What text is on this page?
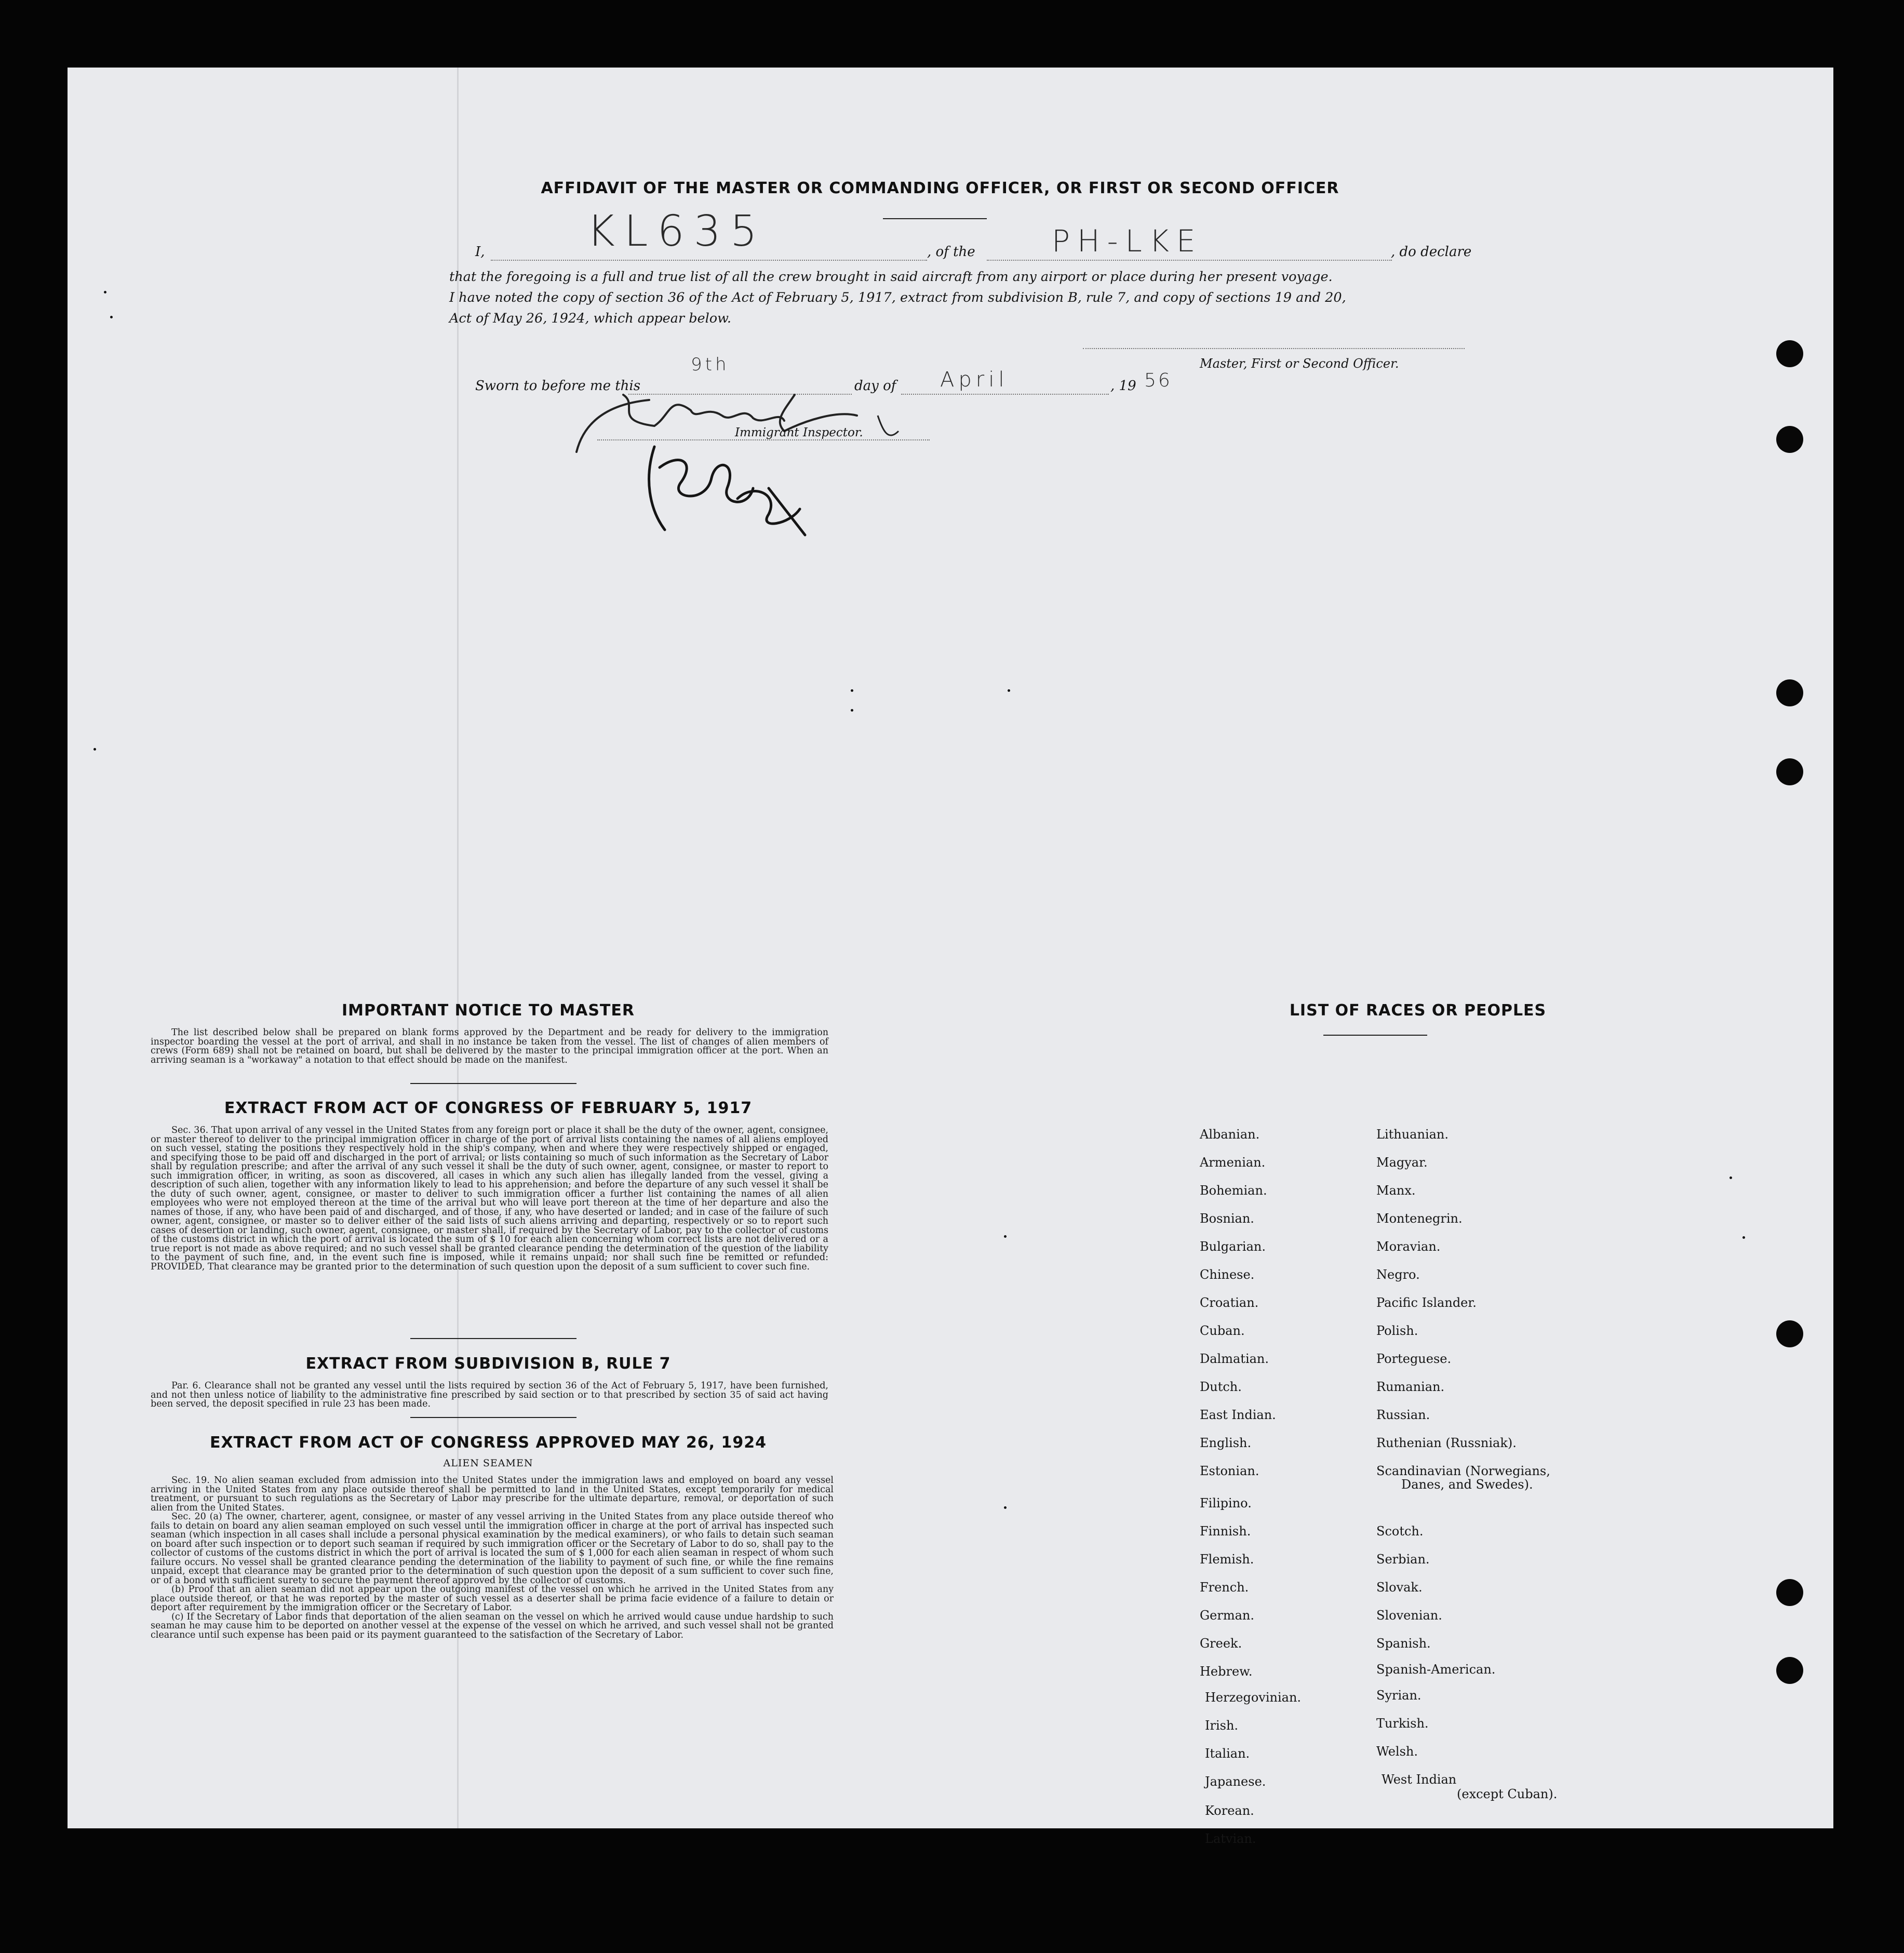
AFFIDAVIT OF THE MASTER OR COMMANDING OFFICER, OR FIRST OR SECOND OFFICER
I, KL635	, of the	PH-LKE	, do declare
that the foregoing is a full and true list of all the crew brought in said aircraft from any airport or place during her present voyage.
I have noted the copy of section 36 of the Act of February 5, 1917, extract from subdivision B, rule 7, and copy of sections 19 and 20,
Act of May 26, 1924, which appear below.
Master, First or Second Officer.
Sworn to before me this
9th
day of April	, 19 56
Immigrant Inspector.
IMPORTANT NOTICE TO MASTER

The list described below shall be prepared on blank forms approved by the Department and be ready for delivery to the immigration inspector boarding the vessel at the port of arrival, and shall in no instance be taken from the vessel. The list of changes of alien members of crews (Form 689) shall not be retained on board, but shall be delivered by the master to the principal immigration officer at the port. When an arriving seaman is a "workaway" a notation to that effect should be made on the manifest.

EXTRACT FROM ACT OF CONGRESS OF FEBRUARY 5, 1917

Sec. 36. That upon arrival of any vessel in the United States from any foreign port or place it shall be the duty of the owner, agent, consignee, or master thereof to deliver to the principal immigration officer in charge of the port of arrival lists containing the names of all aliens employed on such vessel, stating the positions they respectively hold in the ship's company, when and where they were respectively shipped or engaged, and specifying those to be paid off and discharged in the port of arrival; or lists containing so much of such information as the Secretary of Labor shall by regulation prescribe; and after the arrival of any such vessel it shall be the duty of such owner, agent, consignee, or master to report to such immigration officer, in writing, as soon as discovered, all cases in which any such alien has illegally landed from the vessel, giving a description of such alien, together with any information likely to lead to his apprehension; and before the departure of any such vessel it shall be the duty of such owner, agent, consignee, or master to deliver to such immigration officer a further list containing the names of all alien employees who were not employed thereon at the time of the arrival but who will leave port thereon at the time of her departure and also the names of those, if any, who have been paid of and discharged, and of those, if any, who have deserted or landed; and in case of the failure of such owner, agent, consignee, or master so to deliver either of the said lists of such aliens arriving and departing, respectively or so to report such cases of desertion or landing, such owner, agent, consignee, or master shall, if required by the Secretary of Labor, pay to the collector of customs of the customs district in which the port of arrival is located the sum of $ 10 for each alien concerning whom correct lists are not delivered or a true report is not made as above required; and no such vessel shall be granted clearance pending the determination of the question of the liability to the payment of such fine, and, in the event such fine is imposed, while it remains unpaid; nor shall such fine be remitted or refunded: PROVIDED, That clearance may be granted prior to the determination of such question upon the deposit of a sum sufficient to cover such fine.

EXTRACT FROM SUBDIVISION B, RULE 7

Par. 6. Clearance shall not be granted any vessel until the lists required by section 36 of the Act of February 5, 1917, have been furnished, and not then unless notice of liability to the administrative fine prescribed by said section or to that prescribed by section 35 of said act having been served, the deposit specified in rule 23 has been made.

EXTRACT FROM ACT OF CONGRESS APPROVED MAY 26, 1924
ALIEN SEAMEN

Sec. 19. No alien seaman excluded from admission into the United States under the immigration laws and employed on board any vessel arriving in the United States from any place outside thereof shall be permitted to land in the United States, except temporarily for medical treatment, or pursuant to such regulations as the Secretary of Labor may prescribe for the ultimate departure, removal, or deportation of such alien from the United States.

Sec. 20 (a) The owner, charterer, agent, consignee, or master of any vessel arriving in the United States from any place outside thereof who fails to detain on board any alien seaman employed on such vessel until the immigration officer in charge at the port of arrival has inspected such seaman (which inspection in all cases shall include a personal physical examination by the medical examiners), or who fails to detain such seaman on board after such inspection or to deport such seaman if required by such immigration officer or the Secretary of Labor to do so, shall pay to the collector of customs of the customs district in which the port of arrival is located the sum of $ 1,000 for each alien seaman in respect of whom such failure occurs. No vessel shall be granted clearance pending the determination of the liability to payment of such fine, or while the fine remains unpaid, except that clearance may be granted prior to the determination of such question upon the deposit of a sum sufficient to cover such fine, or of a bond with sufficient surety to secure the payment thereof approved by the collector of customs.

(b) Proof that an alien seaman did not appear upon the outgoing manifest of the vessel on which he arrived in the United States from any place outside thereof, or that he was reported by the master of such vessel as a deserter shall be prima facie evidence of a failure to detain or deport after requirement by the immigration officer or the Secretary of Labor.

(c) If the Secretary of Labor finds that deportation of the alien seaman on the vessel on which he arrived would cause undue hardship to such seaman he may cause him to be deported on another vessel at the expense of the vessel on which he arrived, and such vessel shall not be granted clearance until such expense has been paid or its payment guaranteed to the satisfaction of the Secretary of Labor.

LIST OF RACES OR PEOPLES
Albanian.
Armenian.
Bohemian.
Bosnian.
Bulgarian.
Chinese.
Croatian.
Cuban.
Dalmatian.
Dutch.
East Indian.
English.
Estonian.
Filipino.
Finnish.
Flemish.
French.
German.
Greek.
Hebrew.
Herzegovinian.
Irish.
Italian.
Japanese.
Korean.
Latvian.
Lithuanian.
Magyar.
Manx.
Montenegrin.
Moravian.
Negro.
Pacific Islander.
Polish.
Porteguese.
Rumanian.
Russian.
Ruthenian (Russniak).
Scandinavian (Norwegians,
Danes, and Swedes).
Scotch.
Serbian.
Slovak.
Slovenian.
Spanish.
Spanish-American.
Syrian.
Turkish.
Welsh.
West Indian
(except Cuban).
